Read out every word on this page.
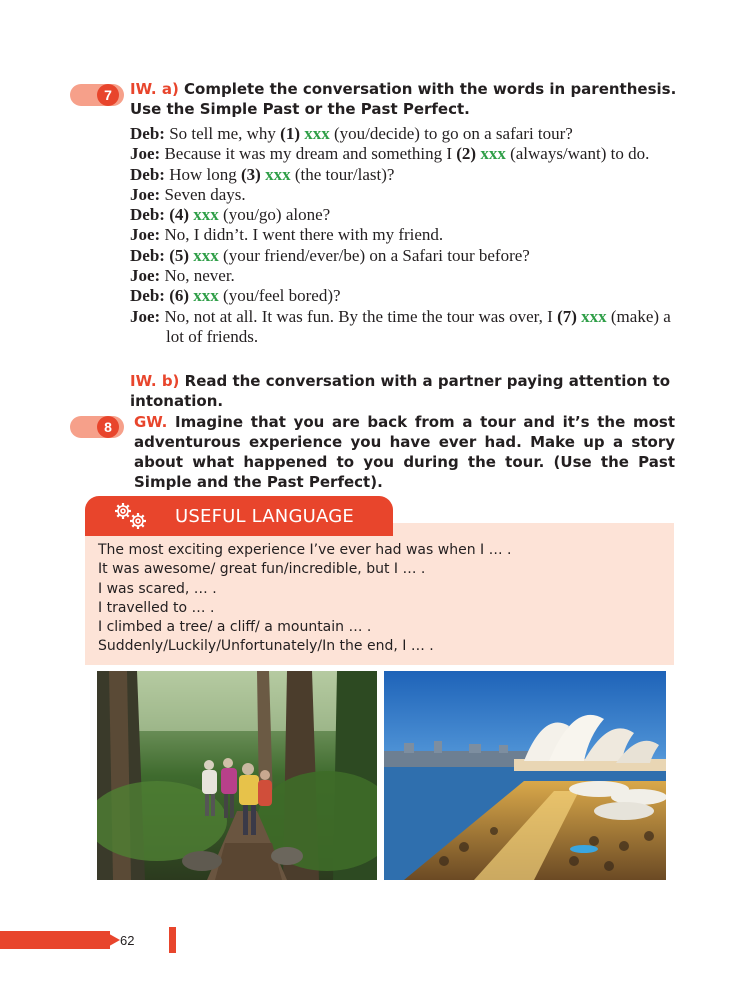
7	IW. a) Complete the conversation with the words in parenthesis. Use the Simple Past or the Past Perfect.
Deb: So tell me, why (1) xxx (you/decide) to go on a safari tour?
Joe: Because it was my dream and something I (2) xxx (always/want) to do.
Deb: How long (3) xxx (the tour/last)?
Joe: Seven days.
Deb: (4) xxx (you/go) alone?
Joe: No, I didn’t. I went there with my friend.
Deb: (5) xxx (your friend/ever/be) on a Safari tour before?
Joe: No, never.
Deb: (6) xxx (you/feel bored)?
Joe: No, not at all. It was fun. By the time the tour was over, I (7) xxx (make) a lot of friends.
IW. b) Read the conversation with a partner paying attention to intonation.
8	GW. Imagine that you are back from a tour and it’s the most adventurous experience you have ever had. Make up a story about what happened to you during the tour. (Use the Past Simple and the Past Perfect).
USEFUL LANGUAGE
The most exciting experience I’ve ever had was when I … .
It was awesome/ great fun/incredible, but I … .
I was scared, … .
I travelled to … .
I climbed a tree/ a cliff/ a mountain … .
Suddenly/Luckily/Unfortunately/In the end, I … .
62
